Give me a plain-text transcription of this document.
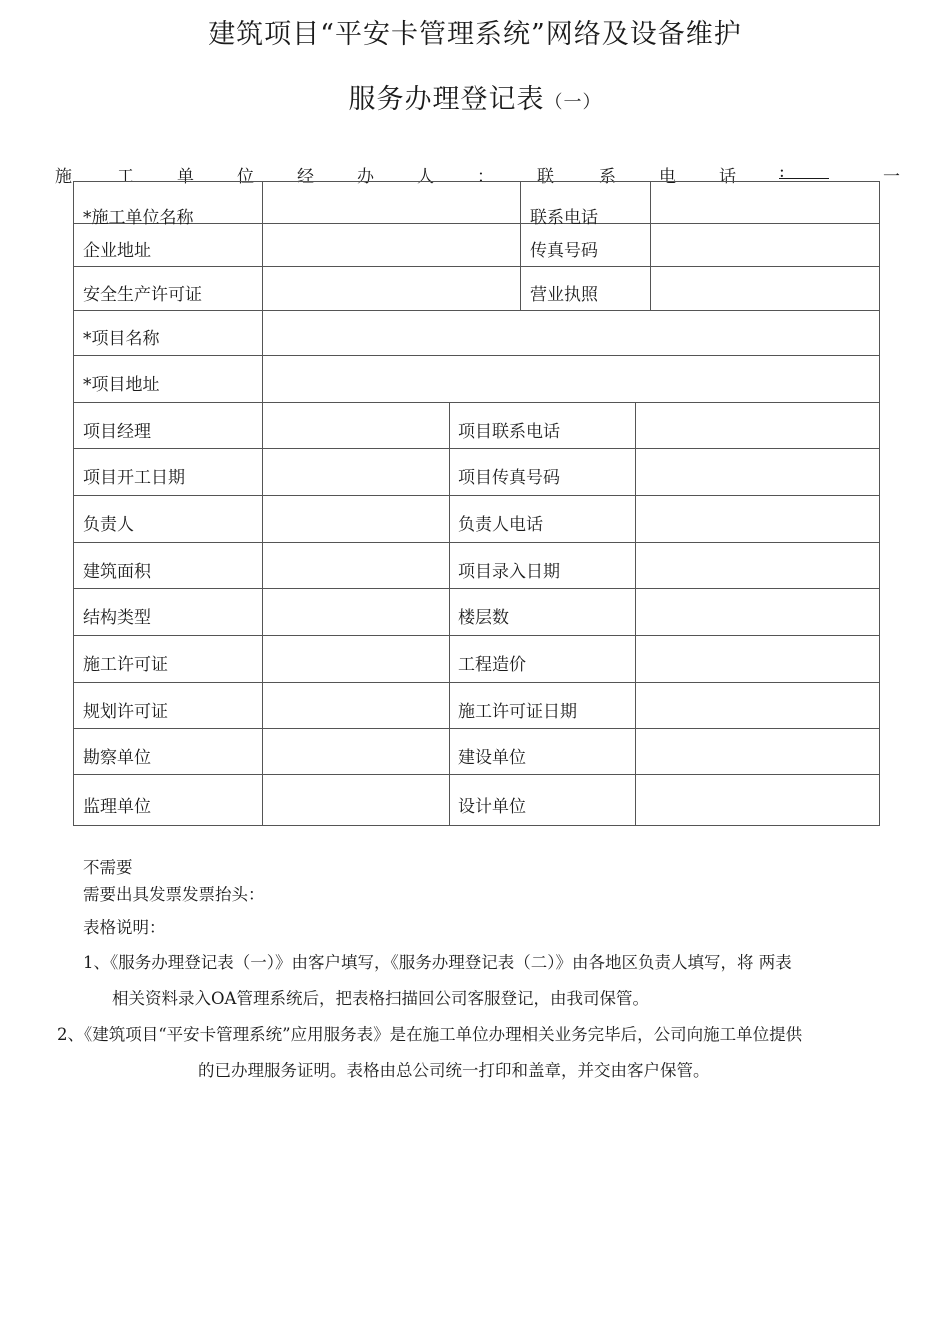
建筑项目“平安卡管理系统”网络及设备维护
服务办理登记表（一）
施	工	单	位	经	办	人	：	联	系	电	话	:	一
*施工单位名称	联系电话
企业地址	传真号码
安全生产许可证	营业执照
*项目名称
*项目地址
项目经理	项目联系电话
项目开工日期	项目传真号码
负责人	负责人电话
建筑面积	项目录入日期
结构类型	楼层数
施工许可证	工程造价
规划许可证	施工许可证日期
勘察单位	建设单位
监理单位	设计单位
不需要
需要出具发票发票抬头：
表格说明：
1、《服务办理登记表（一）》由客户填写，《服务办理登记表（二）》由各地区负责人填写，将 两表
相关资料录入OA管理系统后，把表格扫描回公司客服登记，由我司保管。
2、《建筑项目“平安卡管理系统”应用服务表》是在施工单位办理相关业务完毕后，公司向施工单位提供
的已办理服务证明。表格由总公司统一打印和盖章，并交由客户保管。
